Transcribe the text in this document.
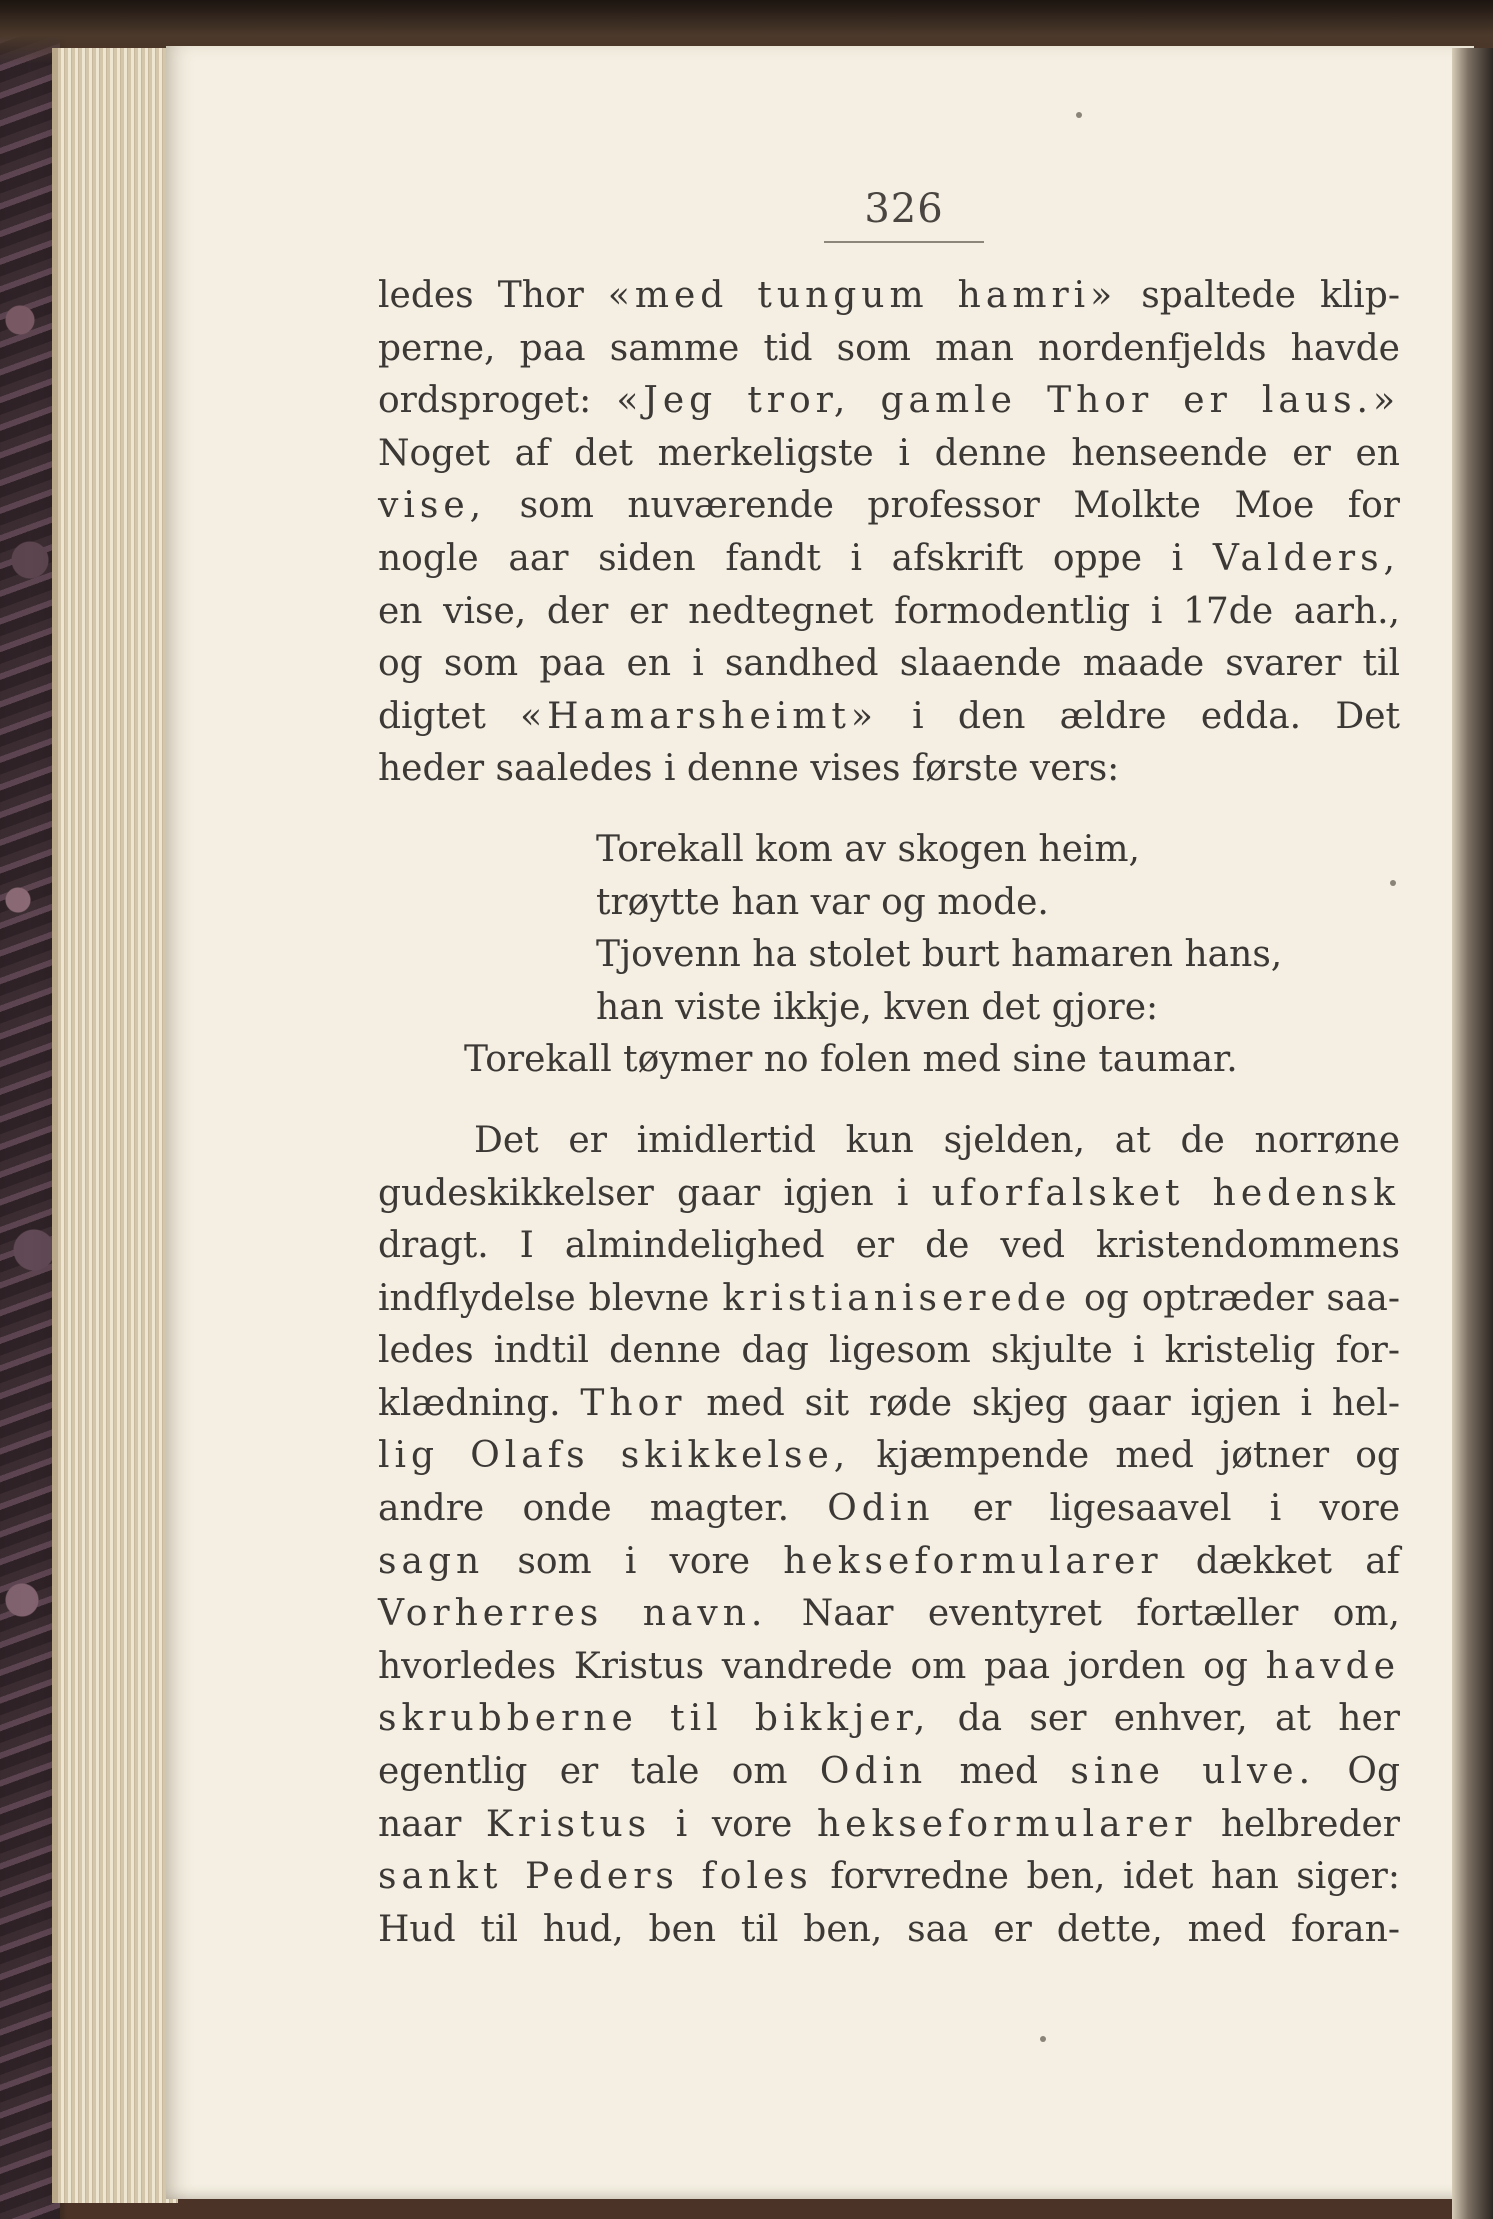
326

ledes Thor «med tungum hamri» spaltede klip-

perne, paa samme tid som man nordenfjelds havde

ordsproget: «Jeg tror, gamle Thor er laus.»

Noget af det merkeligste i denne henseende er en

vise, som nuværende professor Molkte Moe for

nogle aar siden fandt i afskrift oppe i Valders,

en vise, der er nedtegnet formodentlig i 17de aarh.,

og som paa en i sandhed slaaende maade svarer til

digtet «Hamarsheimt» i den ældre edda. Det

heder saaledes i denne vises første vers:

Torekall kom av skogen heim,

trøytte han var og mode.

Tjovenn ha stolet burt hamaren hans,

han viste ikkje, kven det gjore:

Torekall tøymer no folen med sine taumar.

Det er imidlertid kun sjelden, at de norrøne

gudeskikkelser gaar igjen i uforfalsket hedensk

dragt. I almindelighed er de ved kristendommens

indflydelse blevne kristianiserede og optræder saa-

ledes indtil denne dag ligesom skjulte i kristelig for-

klædning. Thor med sit røde skjeg gaar igjen i hel-

lig Olafs skikkelse, kjæmpende med jøtner og

andre onde magter. Odin er ligesaavel i vore

sagn som i vore hekseformularer dækket af

Vorherres navn. Naar eventyret fortæller om,

hvorledes Kristus vandrede om paa jorden og havde

skrubberne til bikkjer, da ser enhver, at her

egentlig er tale om Odin med sine ulve. Og

naar Kristus i vore hekseformularer helbreder

sankt Peders foles forvredne ben, idet han siger:

Hud til hud, ben til ben, saa er dette, med foran-
